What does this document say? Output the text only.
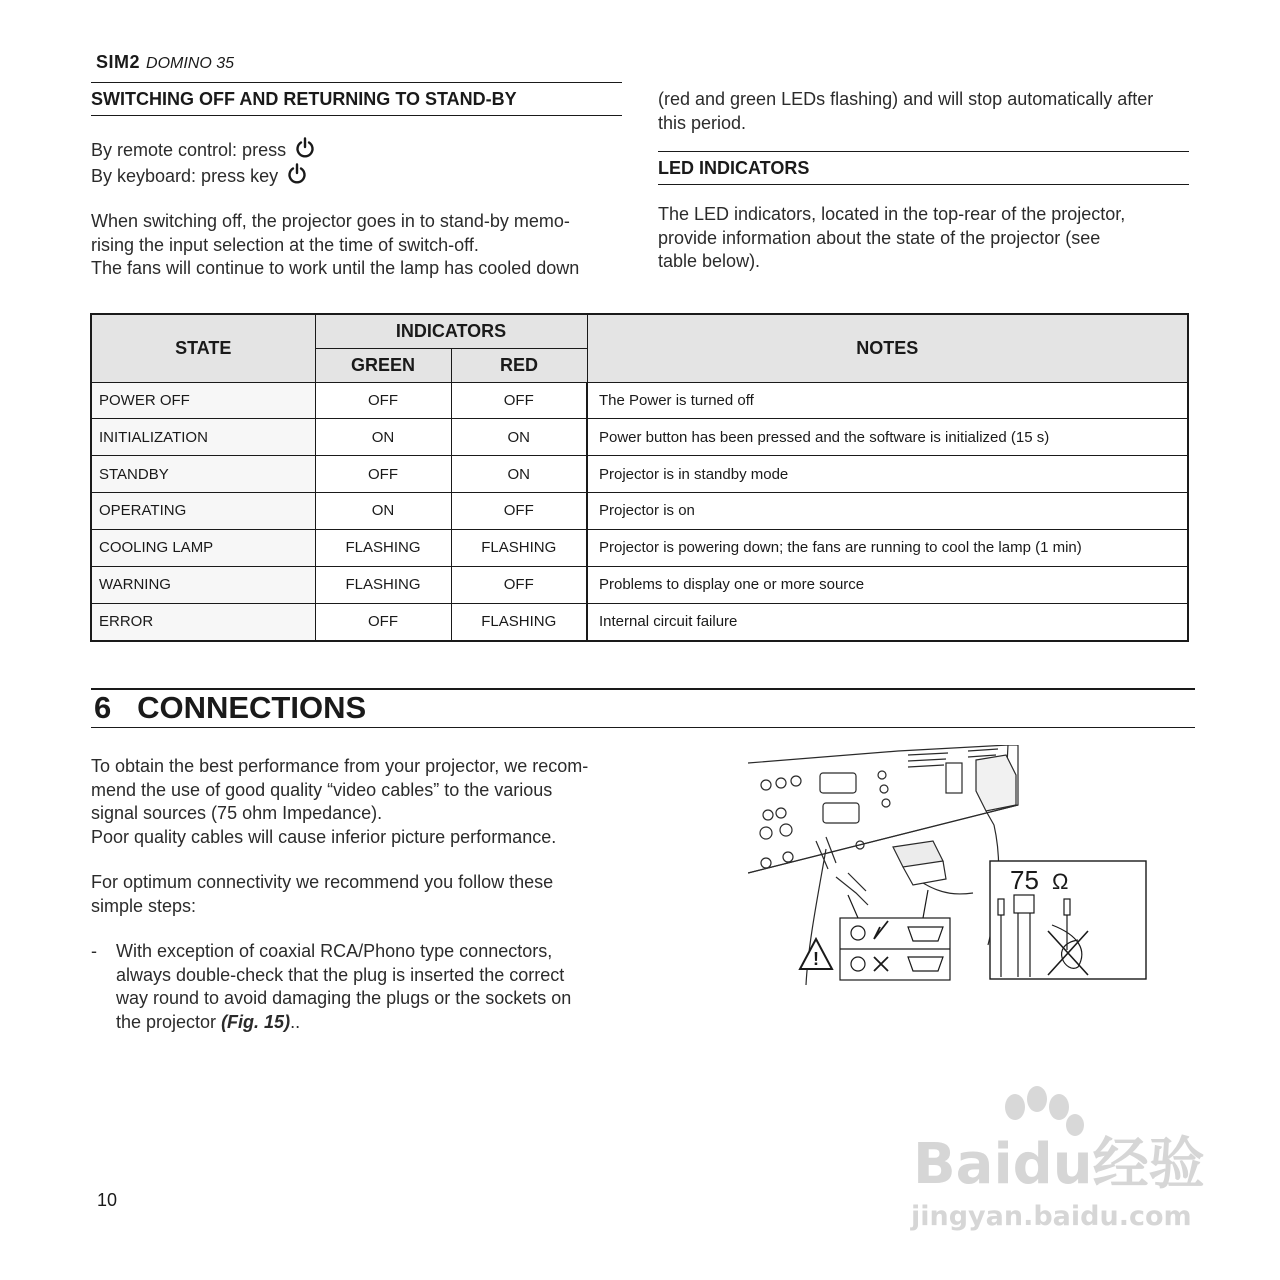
SIM2 DOMINO 35
SWITCHING OFF AND RETURNING TO STAND-BY
By remote control: press
By keyboard: press key
When switching off, the projector goes in to stand-by memo-
rising the input selection at the time of switch-off.
The fans will continue to work until the lamp has cooled down
(red and green LEDs flashing) and will stop automatically after
this period.
LED INDICATORS
The LED indicators, located in the top-rear of the projector,
provide information about the state of the projector (see
table below).
STATE	INDICATORS		NOTES
	GREEN	RED	
POWER OFF	OFF	OFF	The Power is turned off
INITIALIZATION	ON	ON	Power button has been pressed and the software is initialized (15 s)
STANDBY	OFF	ON	Projector is in standby mode
OPERATING	ON	OFF	Projector is on
COOLING LAMP	FLASHING	FLASHING	Projector is powering down; the fans are running to cool the lamp (1 min)
WARNING	FLASHING	OFF	Problems to display one or more source
ERROR	OFF	FLASHING	Internal circuit failure
6   CONNECTIONS
To obtain the best performance from your projector, we recom-
mend the use of good quality “video cables” to the various
signal sources (75 ohm Impedance).
Poor quality cables will cause inferior picture performance.
For optimum connectivity we recommend you follow these
simple steps:
- With exception of coaxial RCA/Phono type connectors,
always double-check that the plug is inserted the correct
way round to avoid damaging the plugs or the sockets on
the projector (Fig. 15)..
!
75 Ω
10
Baidu经验
jingyan.baidu.com
